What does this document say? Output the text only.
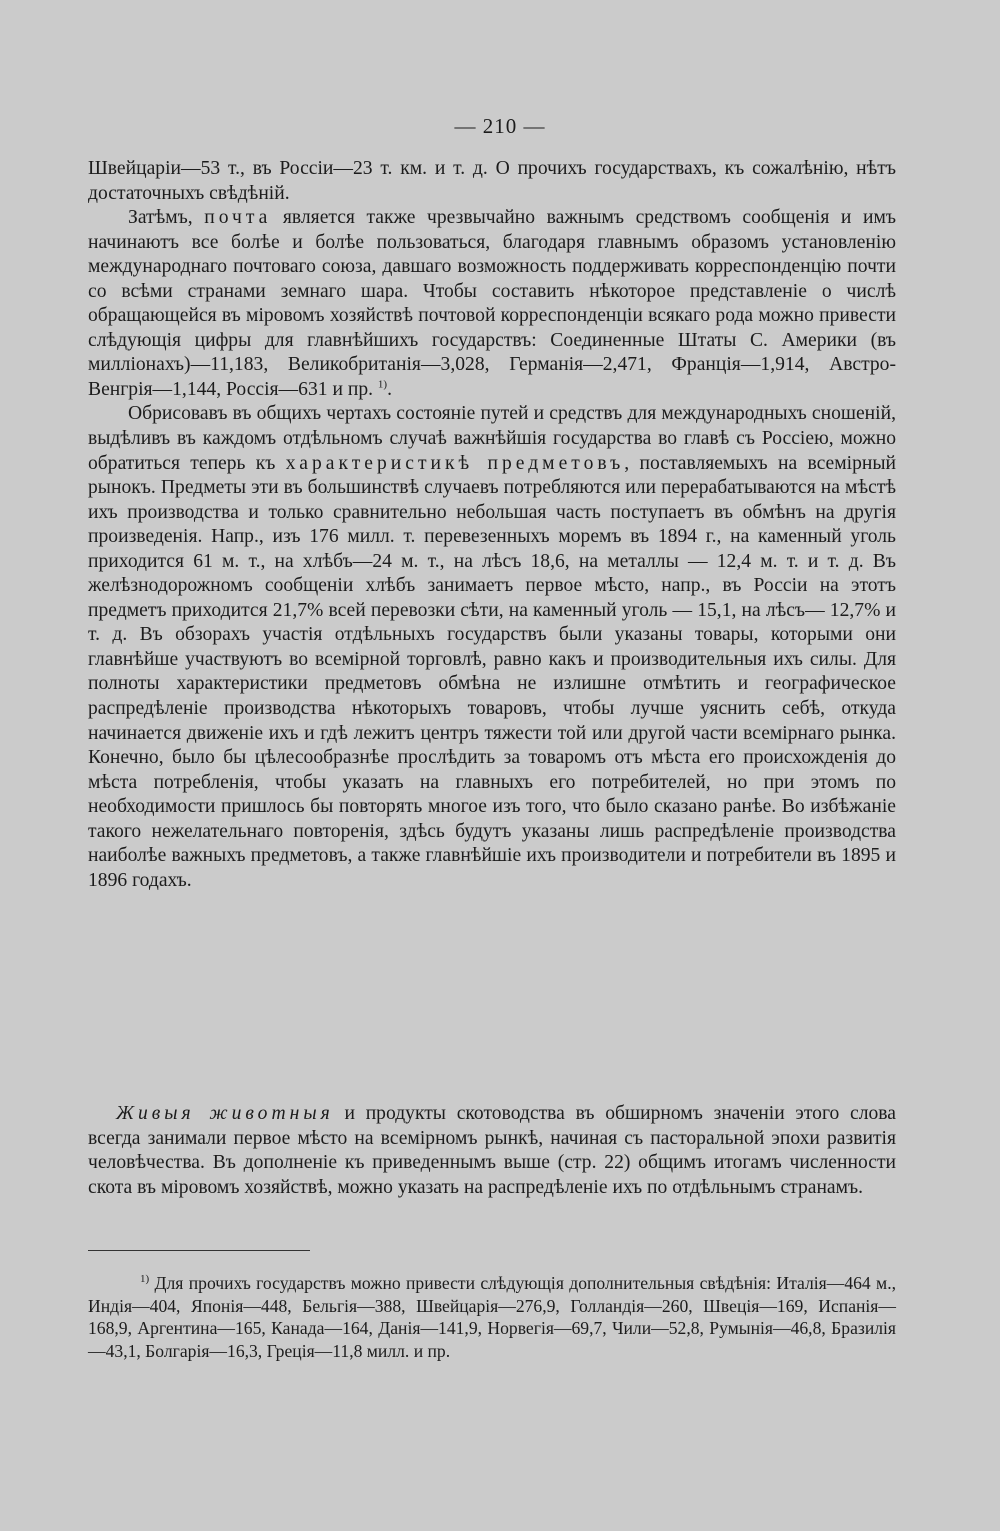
— 210 —

Швейцаріи—53 т., въ Россіи—23 т. км. и т. д. О прочихъ государствахъ, къ сожалѣнію, нѣтъ достаточныхъ свѣдѣній.

Затѣмъ, почта является также чрезвычайно важнымъ средствомъ сообщенія и имъ начинаютъ все болѣе и болѣе пользоваться, благодаря главнымъ образомъ установленію международнаго почтоваго союза, давшаго возможность поддерживать корреспонденцію почти со всѣми странами земнаго шара. Чтобы составить нѣкоторое представленіе о числѣ обращающейся въ міровомъ хозяйствѣ почтовой корреспонденціи всякаго рода можно привести слѣдующія цифры для главнѣйшихъ государствъ: Соединенные Штаты С. Америки (въ милліонахъ)—11,183, Великобританія—3,028, Германія—2,471, Франція—1,914, Австро-Венгрія—1,144, Россія—631 и пр. $^{1)}$.

Обрисовавъ въ общихъ чертахъ состояніе путей и средствъ для международныхъ сношеній, выдѣливъ въ каждомъ отдѣльномъ случаѣ важнѣйшія государства во главѣ съ Россіею, можно обратиться теперь къ характеристикѣ предметовъ, поставляемыхъ на всемірный рынокъ. Предметы эти въ большинствѣ случаевъ потребляются или перерабатываются на мѣстѣ ихъ производства и только сравнительно небольшая часть поступаетъ въ обмѣнъ на другія произведенія. Напр., изъ 176 милл. т. перевезенныхъ моремъ въ 1894 г., на каменный уголь приходится 61 м. т., на хлѣбъ—24 м. т., на лѣсъ 18,6, на металлы — 12,4 м. т. и т. д. Въ желѣзнодорожномъ сообщеніи хлѣбъ занимаетъ первое мѣсто, напр., въ Россіи на этотъ предметъ приходится 21,7% всей перевозки сѣти, на каменный уголь — 15,1, на лѣсъ— 12,7% и т. д. Въ обзорахъ участія отдѣльныхъ государствъ были указаны товары, которыми они главнѣйше участвуютъ во всемірной торговлѣ, равно какъ и производительныя ихъ силы. Для полноты характеристики предметовъ обмѣна не излишне отмѣтить и географическое распредѣленіе производства нѣкоторыхъ товаровъ, чтобы лучше уяснить себѣ, откуда начинается движеніе ихъ и гдѣ лежитъ центръ тяжести той или другой части всемірнаго рынка. Конечно, было бы цѣлесообразнѣе прослѣдить за товаромъ отъ мѣста его происхожденія до мѣста потребленія, чтобы указать на главныхъ его потребителей, но при этомъ по необходимости пришлось бы повторять многое изъ того, что было сказано ранѣе. Во избѣжаніе такого нежелательнаго повторенія, здѣсь будутъ указаны лишь распредѣленіе производства наиболѣе важныхъ предметовъ, а также главнѣйшіе ихъ производители и потребители въ 1895 и 1896 годахъ.

Живыя животныя и продукты скотоводства въ обширномъ значеніи этого слова всегда занимали первое мѣсто на всемірномъ рынкѣ, начиная съ пасторальной эпохи развитія человѣчества. Въ дополненіе къ приведеннымъ выше (стр. 22) общимъ итогамъ численности скота въ міровомъ хозяйствѣ, можно указать на распредѣленіе ихъ по отдѣльнымъ странамъ.

$^{1)}$ Для прочихъ государствъ можно привести слѣдующія дополнительныя свѣдѣнія: Италія—464 м., Индія—404, Японія—448, Бельгія—388, Швейцарія—276,9, Голландія—260, Швеція—169, Испанія—168,9, Аргентина—165, Канада—164, Данія—141,9, Норвегія—69,7, Чили—52,8, Румынія—46,8, Бразилія—43,1, Болгарія—16,3, Греція—11,8 милл. и пр.
